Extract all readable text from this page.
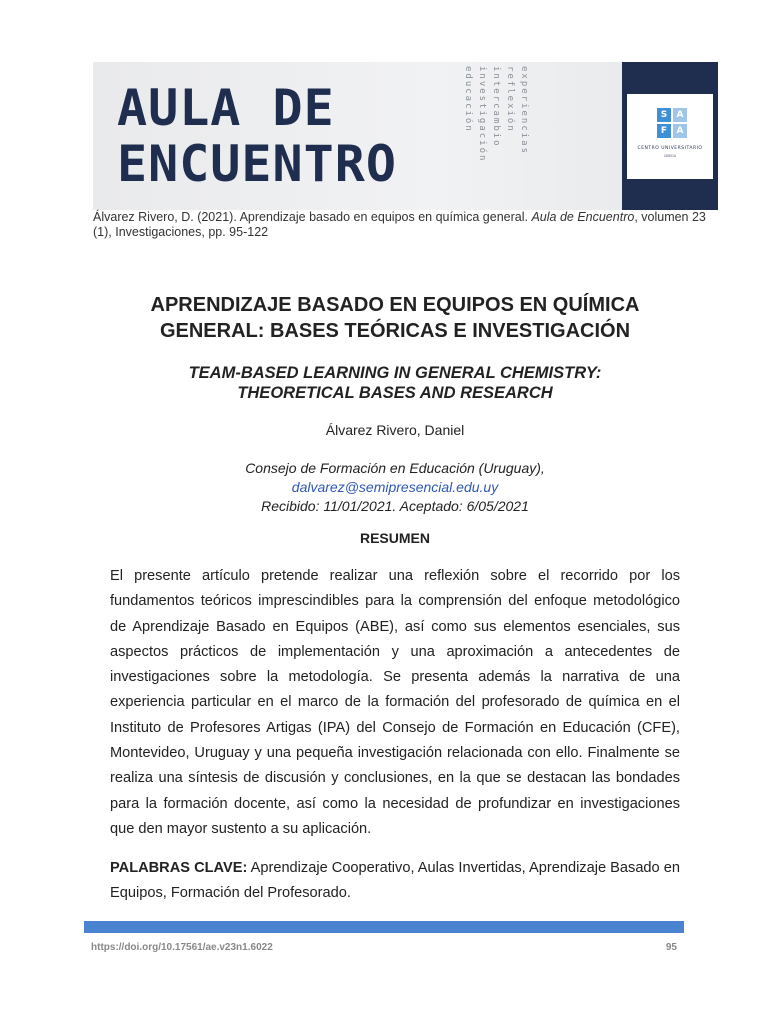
AULA DE
ENCUENTRO
educación investigación intercambio reflexión experiencias	S	A
F	A
CENTRO UNIVERSITARIO
ÚBEDA
Álvarez Rivero, D. (2021). Aprendizaje basado en equipos en química general. Aula de Encuentro, volumen 23 (1), Investigaciones, pp. 95-122
APRENDIZAJE BASADO EN EQUIPOS EN QUÍMICA
GENERAL: BASES TEÓRICAS E INVESTIGACIÓN
TEAM-BASED LEARNING IN GENERAL CHEMISTRY:
THEORETICAL BASES AND RESEARCH
Álvarez Rivero, Daniel
Consejo de Formación en Educación (Uruguay),
dalvarez@semipresencial.edu.uy
Recibido: 11/01/2021. Aceptado: 6/05/2021
RESUMEN

El presente artículo pretende realizar una reflexión sobre el recorrido por los fundamentos teóricos imprescindibles para la comprensión del enfoque metodológico de Aprendizaje Basado en Equipos (ABE), así como sus elementos esenciales, sus aspectos prácticos de implementación y una aproximación a antecedentes de investigaciones sobre la metodología. Se presenta además la narrativa de una experiencia particular en el marco de la formación del profesorado de química en el Instituto de Profesores Artigas (IPA) del Consejo de Formación en Educación (CFE), Montevideo, Uruguay y una pequeña investigación relacionada con ello. Finalmente se realiza una síntesis de discusión y conclusiones, en la que se destacan las bondades para la formación docente, así como la necesidad de profundizar en investigaciones que den mayor sustento a su aplicación.

PALABRAS CLAVE: Aprendizaje Cooperativo, Aulas Invertidas, Aprendizaje Basado en Equipos, Formación del Profesorado.

https://doi.org/10.17561/ae.v23n1.6022	95
